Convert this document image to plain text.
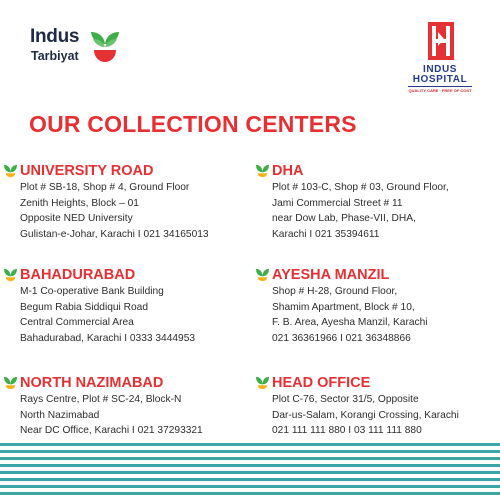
Indus
Tarbiyat
INDUS
HOSPITAL
QUALITY CARE · FREE OF COST
OUR COLLECTION CENTERS
UNIVERSITY ROAD
Plot # SB-18, Shop # 4, Ground Floor
Zenith Heights, Block – 01
Opposite NED University
Gulistan-e-Johar, Karachi I 021 34165013
DHA
Plot # 103-C, Shop # 03, Ground Floor,
Jami Commercial Street # 11
near Dow Lab, Phase-VII, DHA,
Karachi I 021 35394611
BAHADURABAD
M-1 Co-operative Bank Building
Begum Rabia Siddiqui Road
Central Commercial Area
Bahadurabad, Karachi I 0333 3444953
AYESHA MANZIL
Shop # H-28, Ground Floor,
Shamim Apartment, Block # 10,
F. B. Area, Ayesha Manzil, Karachi
021 36361966 I 021 36348866
NORTH NAZIMABAD
Rays Centre, Plot # SC-24, Block-N
North Nazimabad
Near DC Office, Karachi I 021 37293321
HEAD OFFICE
Plot C-76, Sector 31/5, Opposite
Dar-us-Salam, Korangi Crossing, Karachi
021 111 111 880 I 03 111 111 880
